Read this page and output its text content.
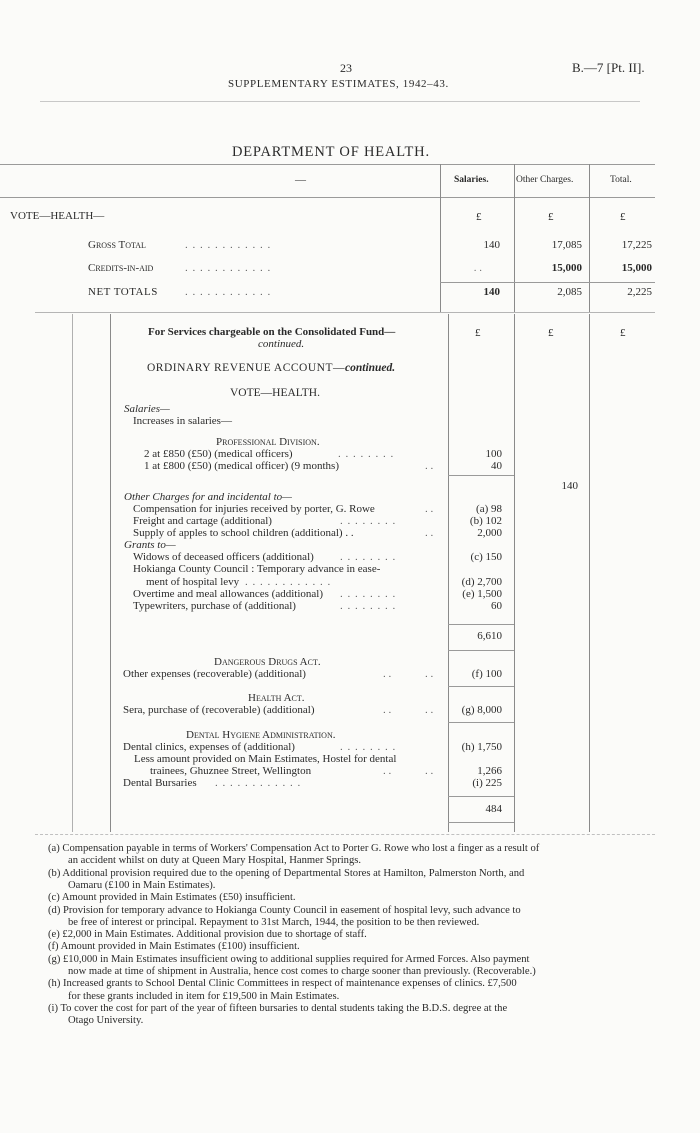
23	B.—7 [Pt. II].
SUPPLEMENTARY ESTIMATES, 1942–43.
DEPARTMENT OF HEALTH.
—	Salaries.	Other Charges.	Total.
VOTE—HEALTH—	£	£	£
Gross Total . .	140	17,085	17,225
Credits-in-aid . .	. .	15,000	15,000
NET TOTALS . .	140	2,085	2,225
For Services chargeable on the Consolidated Fund—
continued.
£	£	£
ORDINARY REVENUE ACCOUNT—continued.
VOTE—HEALTH.
Salaries—
Increases in salaries—
Professional Division.
2 at £850 (£50) (medical officers) . .	100
1 at £800 (£50) (medical officer) (9 months) . .	40
140
Other Charges for and incidental to—
Compensation for injuries received by porter, G. Rowe . .	(a) 98
Freight and cartage (additional) . .	(b) 102
Supply of apples to school children (additional) . . . .	2,000
Grants to—
Widows of deceased officers (additional) . .	(c) 150
Hokianga County Council : Temporary advance in ease-
ment of hospital levy . .	(d) 2,700
Overtime and meal allowances (additional) . .	(e) 1,500
Typewriters, purchase of (additional) . .	60
6,610
Dangerous Drugs Act.
Other expenses (recoverable) (additional) . . . .	(f) 100
Health Act.
Sera, purchase of (recoverable) (additional) . . . .	(g) 8,000
Dental Hygiene Administration.
Dental clinics, expenses of (additional) . .	(h) 1,750
Less amount provided on Main Estimates, Hostel for dental
trainees, Ghuznee Street, Wellington . . . .	1,266
Dental Bursaries . .	(i) 225
484
(a) Compensation payable in terms of Workers' Compensation Act to Porter G. Rowe who lost a finger as a result of
an accident whilst on duty at Queen Mary Hospital, Hanmer Springs.
(b) Additional provision required due to the opening of Departmental Stores at Hamilton, Palmerston North, and
Oamaru (£100 in Main Estimates).
(c) Amount provided in Main Estimates (£50) insufficient.
(d) Provision for temporary advance to Hokianga County Council in easement of hospital levy, such advance to
be free of interest or principal. Repayment to 31st March, 1944, the position to be then reviewed.
(e) £2,000 in Main Estimates. Additional provision due to shortage of staff.
(f) Amount provided in Main Estimates (£100) insufficient.
(g) £10,000 in Main Estimates insufficient owing to additional supplies required for Armed Forces. Also payment
now made at time of shipment in Australia, hence cost comes to charge sooner than previously. (Recoverable.)
(h) Increased grants to School Dental Clinic Committees in respect of maintenance expenses of clinics. £7,500
for these grants included in item for £19,500 in Main Estimates.
(i) To cover the cost for part of the year of fifteen bursaries to dental students taking the B.D.S. degree at the
Otago University.
